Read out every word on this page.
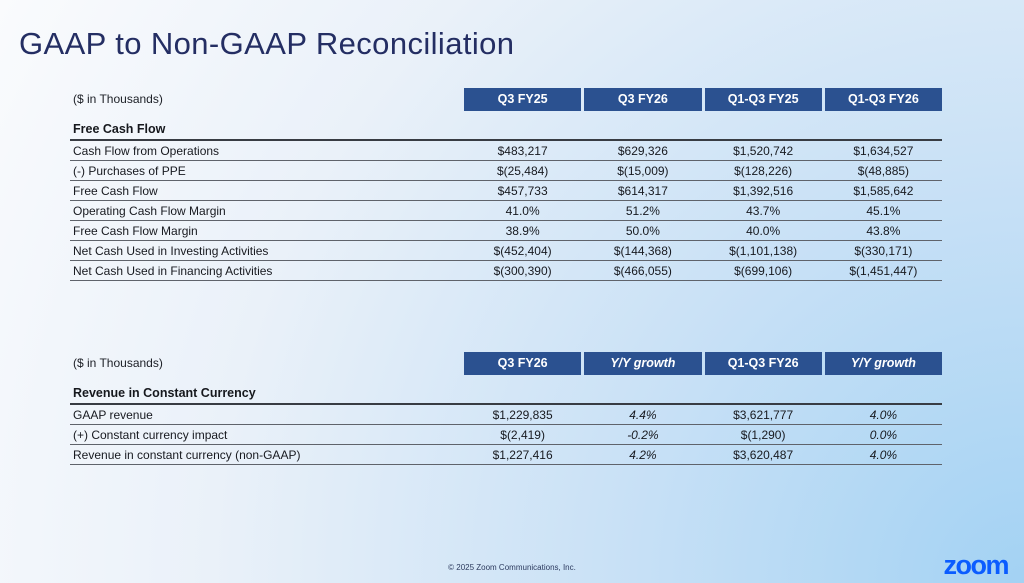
GAAP to Non-GAAP Reconciliation
($ in Thousands)	Q3 FY25	Q3 FY26	Q1-Q3 FY25	Q1-Q3 FY26
Free Cash Flow
Cash Flow from Operations	$483,217	$629,326	$1,520,742	$1,634,527
(-) Purchases of PPE	$(25,484)	$(15,009)	$(128,226)	$(48,885)
Free Cash Flow	$457,733	$614,317	$1,392,516	$1,585,642
Operating Cash Flow Margin	41.0%	51.2%	43.7%	45.1%
Free Cash Flow Margin	38.9%	50.0%	40.0%	43.8%
Net Cash Used in Investing Activities	$(452,404)	$(144,368)	$(1,101,138)	$(330,171)
Net Cash Used in Financing Activities	$(300,390)	$(466,055)	$(699,106)	$(1,451,447)
($ in Thousands)	Q3 FY26	Y/Y growth	Q1-Q3 FY26	Y/Y growth
Revenue in Constant Currency
GAAP revenue	$1,229,835	4.4%	$3,621,777	4.0%
(+) Constant currency impact	$(2,419)	-0.2%	$(1,290)	0.0%
Revenue in constant currency (non-GAAP)	$1,227,416	4.2%	$3,620,487	4.0%
© 2025 Zoom Communications, Inc.	zoom
